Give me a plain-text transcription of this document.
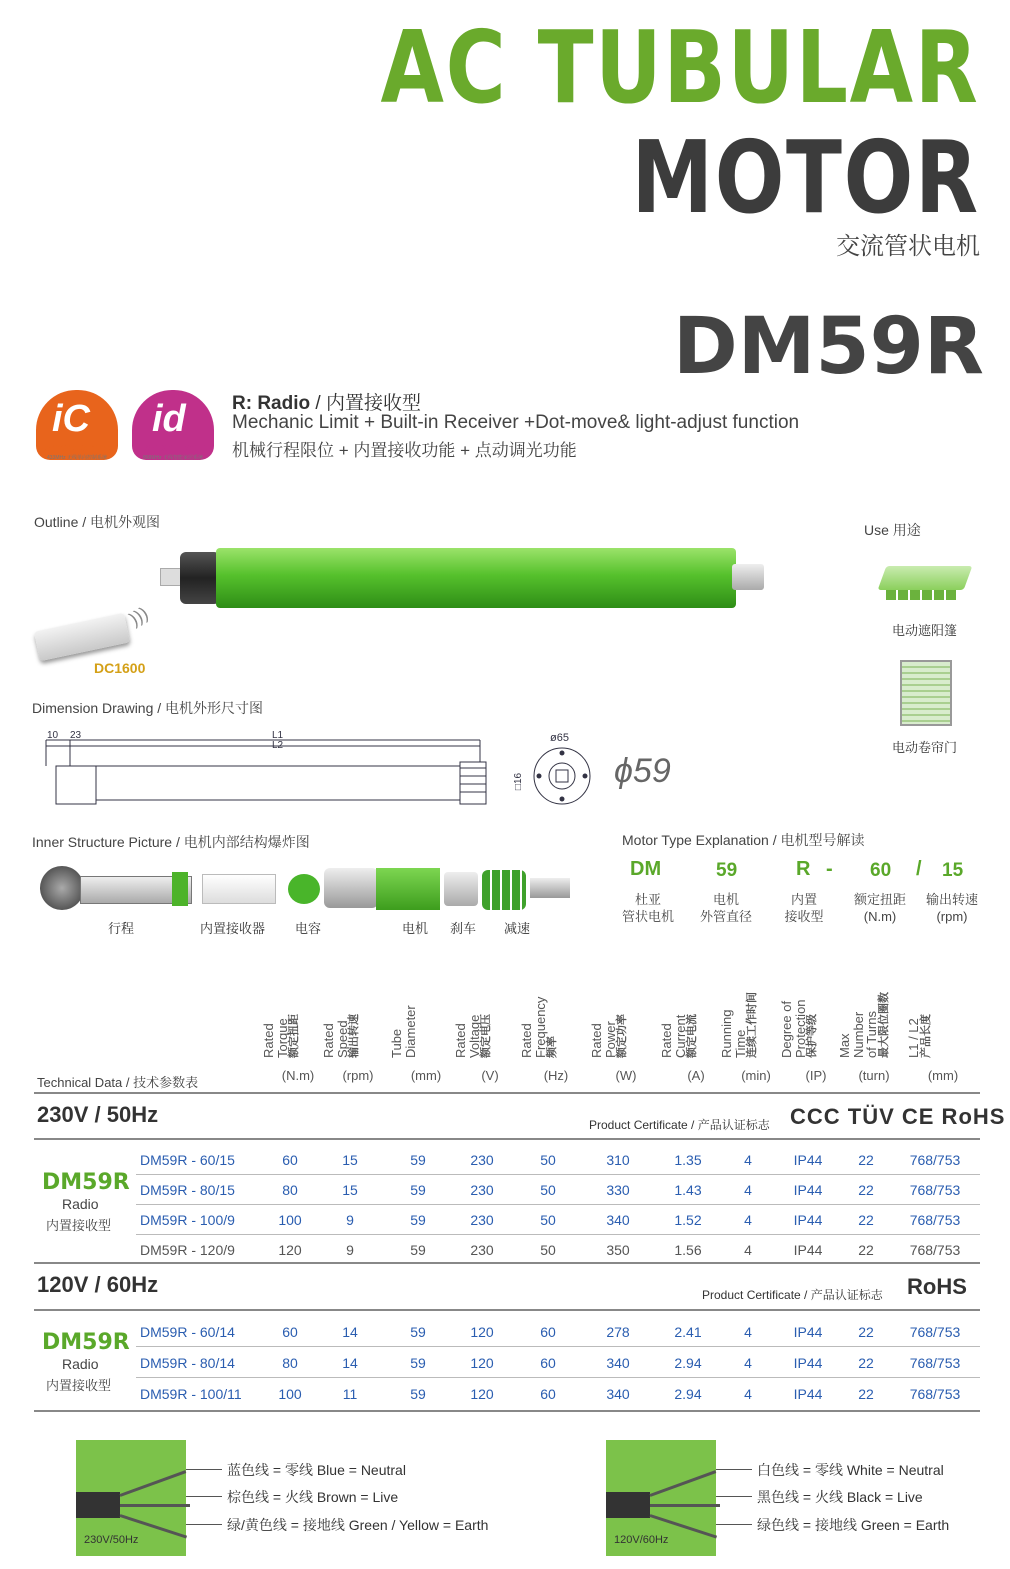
AC TUBULAR
MOTOR
交流管状电机
DM59R
iC
iSmartControl
433MHz 无线单向控制系统
id
iSmartHome
868MHz 无线智能家居系统
R: Radio / 内置接收型
Mechanic Limit + Built-in Receiver +Dot-move& light-adjust function
机械行程限位 + 内置接收功能 + 点动调光功能
Outline / 电机外观图
)))
DC1600
Use 用途
电动遮阳篷
电动卷帘门
Dimension Drawing / 电机外形尺寸图
10 23	L1
L2
ø65
□16	ϕ59
Inner Structure Picture / 电机内部结构爆炸图
行程	内置接收器 电容	电机 刹车 减速
Motor Type Explanation / 电机型号解读
DM	59	R - 60 / 15
杜亚
管状电机
电机
外管直径
内置
接收型
额定扭距
(N.m)
输出转速
(rpm)
Technical Data / 技术参数表
Rated Torque
额定扭距
(N.m)
Rated Speed
输出转速
(rpm)
Tube Diameter
(mm)
Rated Voltage
额定电压
(V)
Rated Frequency
频率
(Hz)
Rated Power
额定功率
(W)
Rated Current
额定电流
(A)
Running Time
连续工作时间
(min)
Degree of Protection
保护等级
(IP)
Max Number of Turns
最大限位圈数
(turn)
L1 / L2
产品长度
(mm)
230V / 50Hz	Product Certificate / 产品认证标志 CCC TÜV CE RoHS
DM59R
Radio
内置接收型
DM59R - 60/15	60	15	59	230	50	310	1.35	4	IP44	22	768/753
DM59R - 80/15	80	15	59	230	50	330	1.43	4	IP44	22	768/753
DM59R - 100/9	100	9	59	230	50	340	1.52	4	IP44	22	768/753
DM59R - 120/9	120	9	59	230	50	350	1.56	4	IP44	22	768/753
120V / 60Hz	Product Certificate / 产品认证标志 RoHS
DM59R
Radio
内置接收型
DM59R - 60/14	60	14	59	120	60	278	2.41	4	IP44	22	768/753
DM59R - 80/14	80	14	59	120	60	340	2.94	4	IP44	22	768/753
DM59R - 100/11	100	11	59	120	60	340	2.94	4	IP44	22	768/753
230V/50Hz
蓝色线 = 零线 Blue = Neutral
棕色线 = 火线 Brown = Live
绿/黄色线 = 接地线 Green / Yellow = Earth
120V/60Hz
白色线 = 零线 White = Neutral
黑色线 = 火线 Black = Live
绿色线 = 接地线 Green = Earth
